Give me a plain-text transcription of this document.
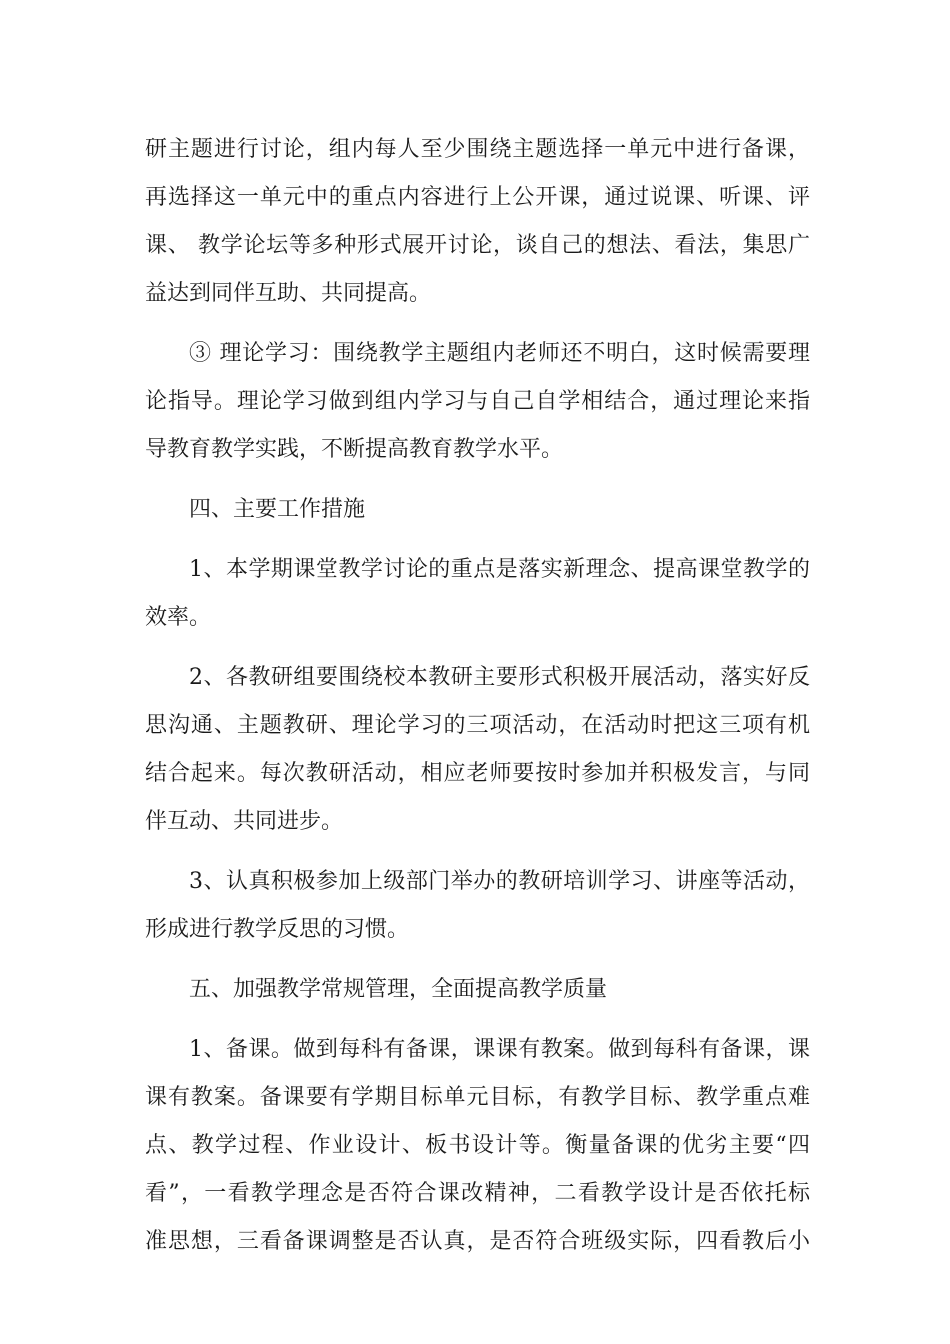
研主题进行讨论，组内每人至少围绕主题选择一单元中进行备课，
再选择这一单元中的重点内容进行上公开课，通过说课、听课、评
课、 教学论坛等多种形式展开讨论，谈自己的想法、看法，集思广
益达到同伴互助、共同提高。
③ 理论学习：围绕教学主题组内老师还不明白，这时候需要理
论指导。理论学习做到组内学习与自己自学相结合，通过理论来指
导教育教学实践，不断提高教育教学水平。
四、主要工作措施
1、本学期课堂教学讨论的重点是落实新理念、提高课堂教学的
效率。
2、各教研组要围绕校本教研主要形式积极开展活动，落实好反
思沟通、主题教研、理论学习的三项活动，在活动时把这三项有机
结合起来。每次教研活动，相应老师要按时参加并积极发言，与同
伴互动、共同进步。
3、认真积极参加上级部门举办的教研培训学习、讲座等活动，
形成进行教学反思的习惯。
五、加强教学常规管理，全面提高教学质量
1、备课。做到每科有备课，课课有教案。做到每科有备课，课
课有教案。备课要有学期目标单元目标，有教学目标、教学重点难
点、教学过程、作业设计、板书设计等。衡量备课的优劣主要“四
看”，一看教学理念是否符合课改精神，二看教学设计是否依托标
准思想，三看备课调整是否认真，是否符合班级实际，四看教后小
